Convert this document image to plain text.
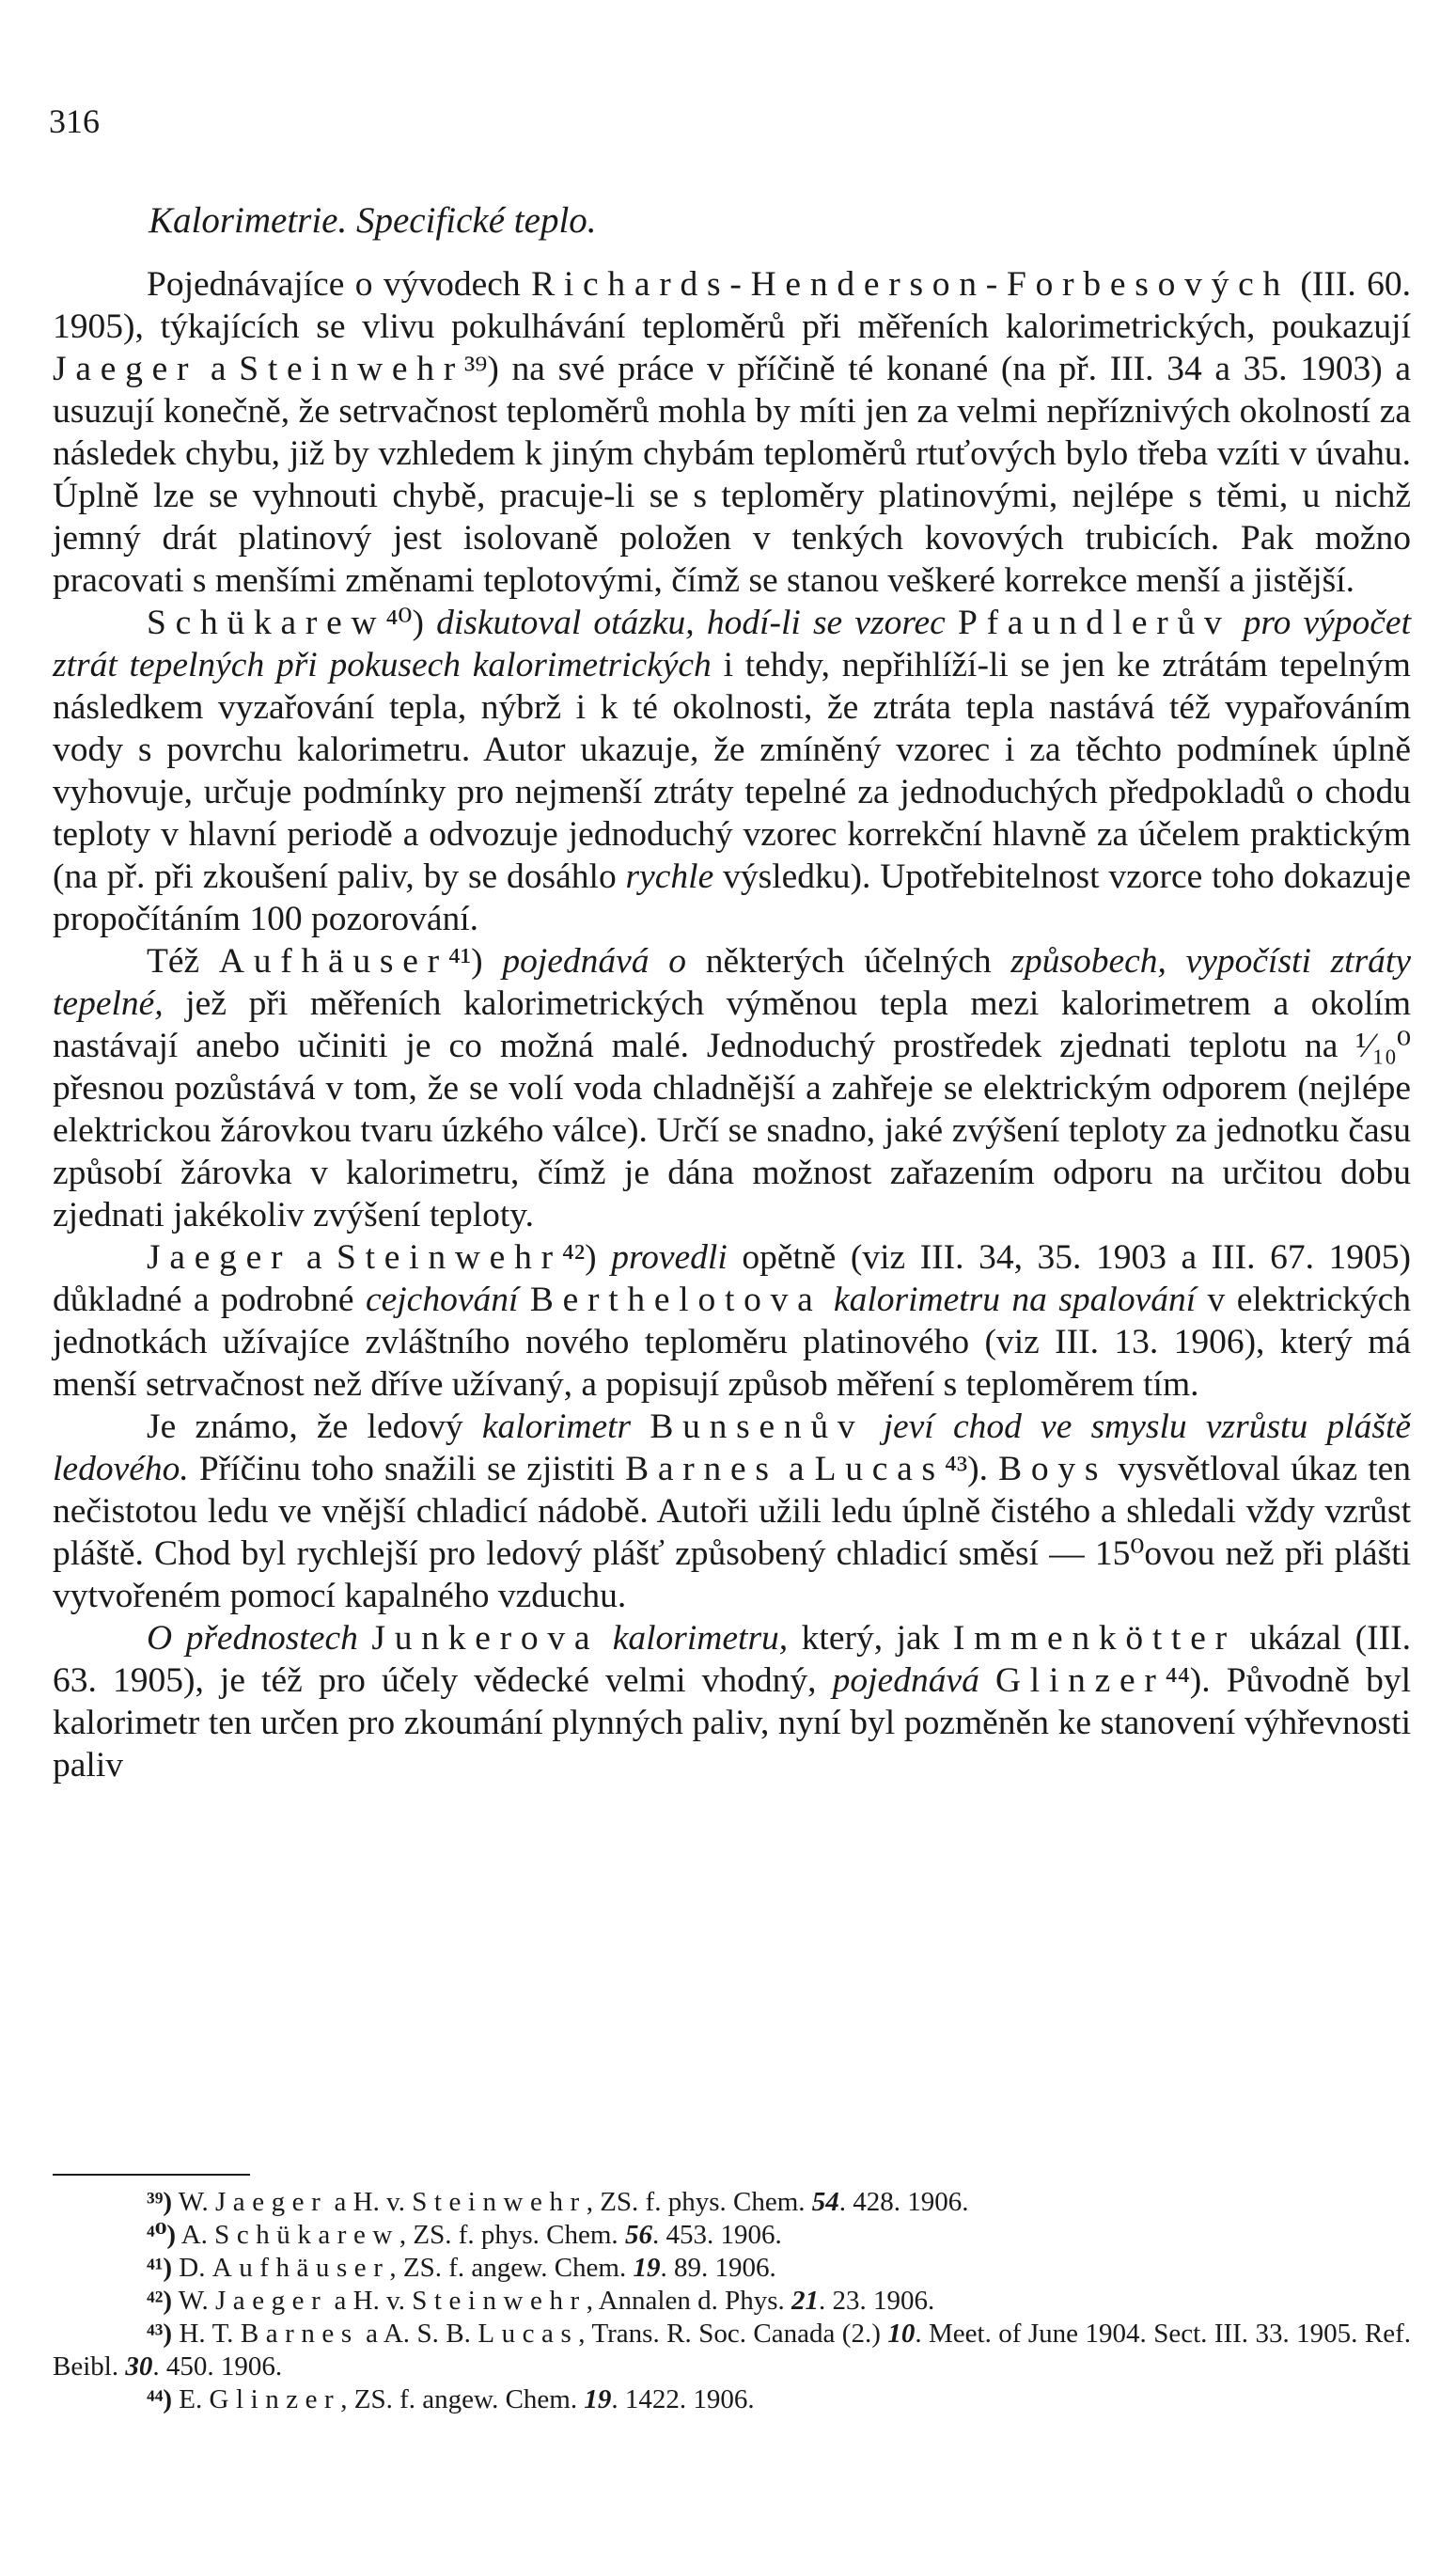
316
Kalorimetrie. Specifické teplo.

Pojednávajíce o vývodech Richards-Henderson-Forbesových (III. 60. 1905), týkajících se vlivu pokulhávání teploměrů při měřeních kalorimetrických, poukazují Jaeger a Steinwehr³⁹) na své práce v příčině té konané (na př. III. 34 a 35. 1903) a usuzují konečně, že setrvačnost teploměrů mohla by míti jen za velmi nepříznivých okolností za následek chybu, již by vzhledem k jiným chybám teploměrů rtuťových bylo třeba vzíti v úvahu. Úplně lze se vyhnouti chybě, pracuje-li se s teploměry platinovými, nejlépe s těmi, u nichž jemný drát platinový jest isolovaně položen v tenkých kovových trubicích. Pak možno pracovati s menšími změnami teplotovými, čímž se stanou veškeré korrekce menší a jistější.

Schükarew⁴⁰) diskutoval otázku, hodí-li se vzorec Pfaundlerův pro výpočet ztrát tepelných při pokusech kalorimetrických i tehdy, nepřihlíží-li se jen ke ztrátám tepelným následkem vyzařování tepla, nýbrž i k té okolnosti, že ztráta tepla nastává též vypařováním vody s povrchu kalorimetru. Autor ukazuje, že zmíněný vzorec i za těchto podmínek úplně vyhovuje, určuje podmínky pro nejmenší ztráty tepelné za jednoduchých předpokladů o chodu teploty v hlavní periodě a odvozuje jednoduchý vzorec korrekční hlavně za účelem praktickým (na př. při zkoušení paliv, by se dosáhlo rychle výsledku). Upotřebitelnost vzorce toho dokazuje propočítáním 100 pozorování.

Též Aufhäuser⁴¹) pojednává o některých účelných způsobech, vypočísti ztráty tepelné, jež při měřeních kalorimetrických výměnou tepla mezi kalorimetrem a okolím nastávají anebo učiniti je co možná malé. Jednoduchý prostředek zjednati teplotu na ¹⁄₁₀⁰ přesnou pozůstává v tom, že se volí voda chladnější a zahřeje se elektrickým odporem (nejlépe elektrickou žárovkou tvaru úzkého válce). Určí se snadno, jaké zvýšení teploty za jednotku času způsobí žárovka v kalorimetru, čímž je dána možnost zařazením odporu na určitou dobu zjednati jakékoliv zvýšení teploty.

Jaeger a Steinwehr⁴²) provedli opětně (viz III. 34, 35. 1903 a III. 67. 1905) důkladné a podrobné cejchování Berthelotova kalorimetru na spalování v elektrických jednotkách užívajíce zvláštního nového teploměru platinového (viz III. 13. 1906), který má menší setrvačnost než dříve užívaný, a popisují způsob měření s teploměrem tím.

Je známo, že ledový kalorimetr Bunsenův jeví chod ve smyslu vzrůstu pláště ledového. Příčinu toho snažili se zjistiti Barnes a Lucas⁴³). Boys vysvětloval úkaz ten nečistotou ledu ve vnější chladicí nádobě. Autoři užili ledu úplně čistého a shledali vždy vzrůst pláště. Chod byl rychlejší pro ledový plášť způsobený chladicí směsí — 15⁰ovou než při plášti vytvořeném pomocí kapalného vzduchu.

O přednostech Junkerova kalorimetru, který, jak Immenkötter ukázal (III. 63. 1905), je též pro účely vědecké velmi vhodný, pojednává Glinzer⁴⁴). Původně byl kalorimetr ten určen pro zkoumání plynných paliv, nyní byl pozměněn ke stanovení výhřevnosti paliv

³⁹) W. Jaeger a H. v. Steinwehr, ZS. f. phys. Chem. 54. 428. 1906.

⁴⁰) A. Schükarew, ZS. f. phys. Chem. 56. 453. 1906.

⁴¹) D. Aufhäuser, ZS. f. angew. Chem. 19. 89. 1906.

⁴²) W. Jaeger a H. v. Steinwehr, Annalen d. Phys. 21. 23. 1906.

⁴³) H. T. Barnes a A. S. B. Lucas, Trans. R. Soc. Canada (2.) 10. Meet. of June 1904. Sect. III. 33. 1905. Ref. Beibl. 30. 450. 1906.

⁴⁴) E. Glinzer, ZS. f. angew. Chem. 19. 1422. 1906.
